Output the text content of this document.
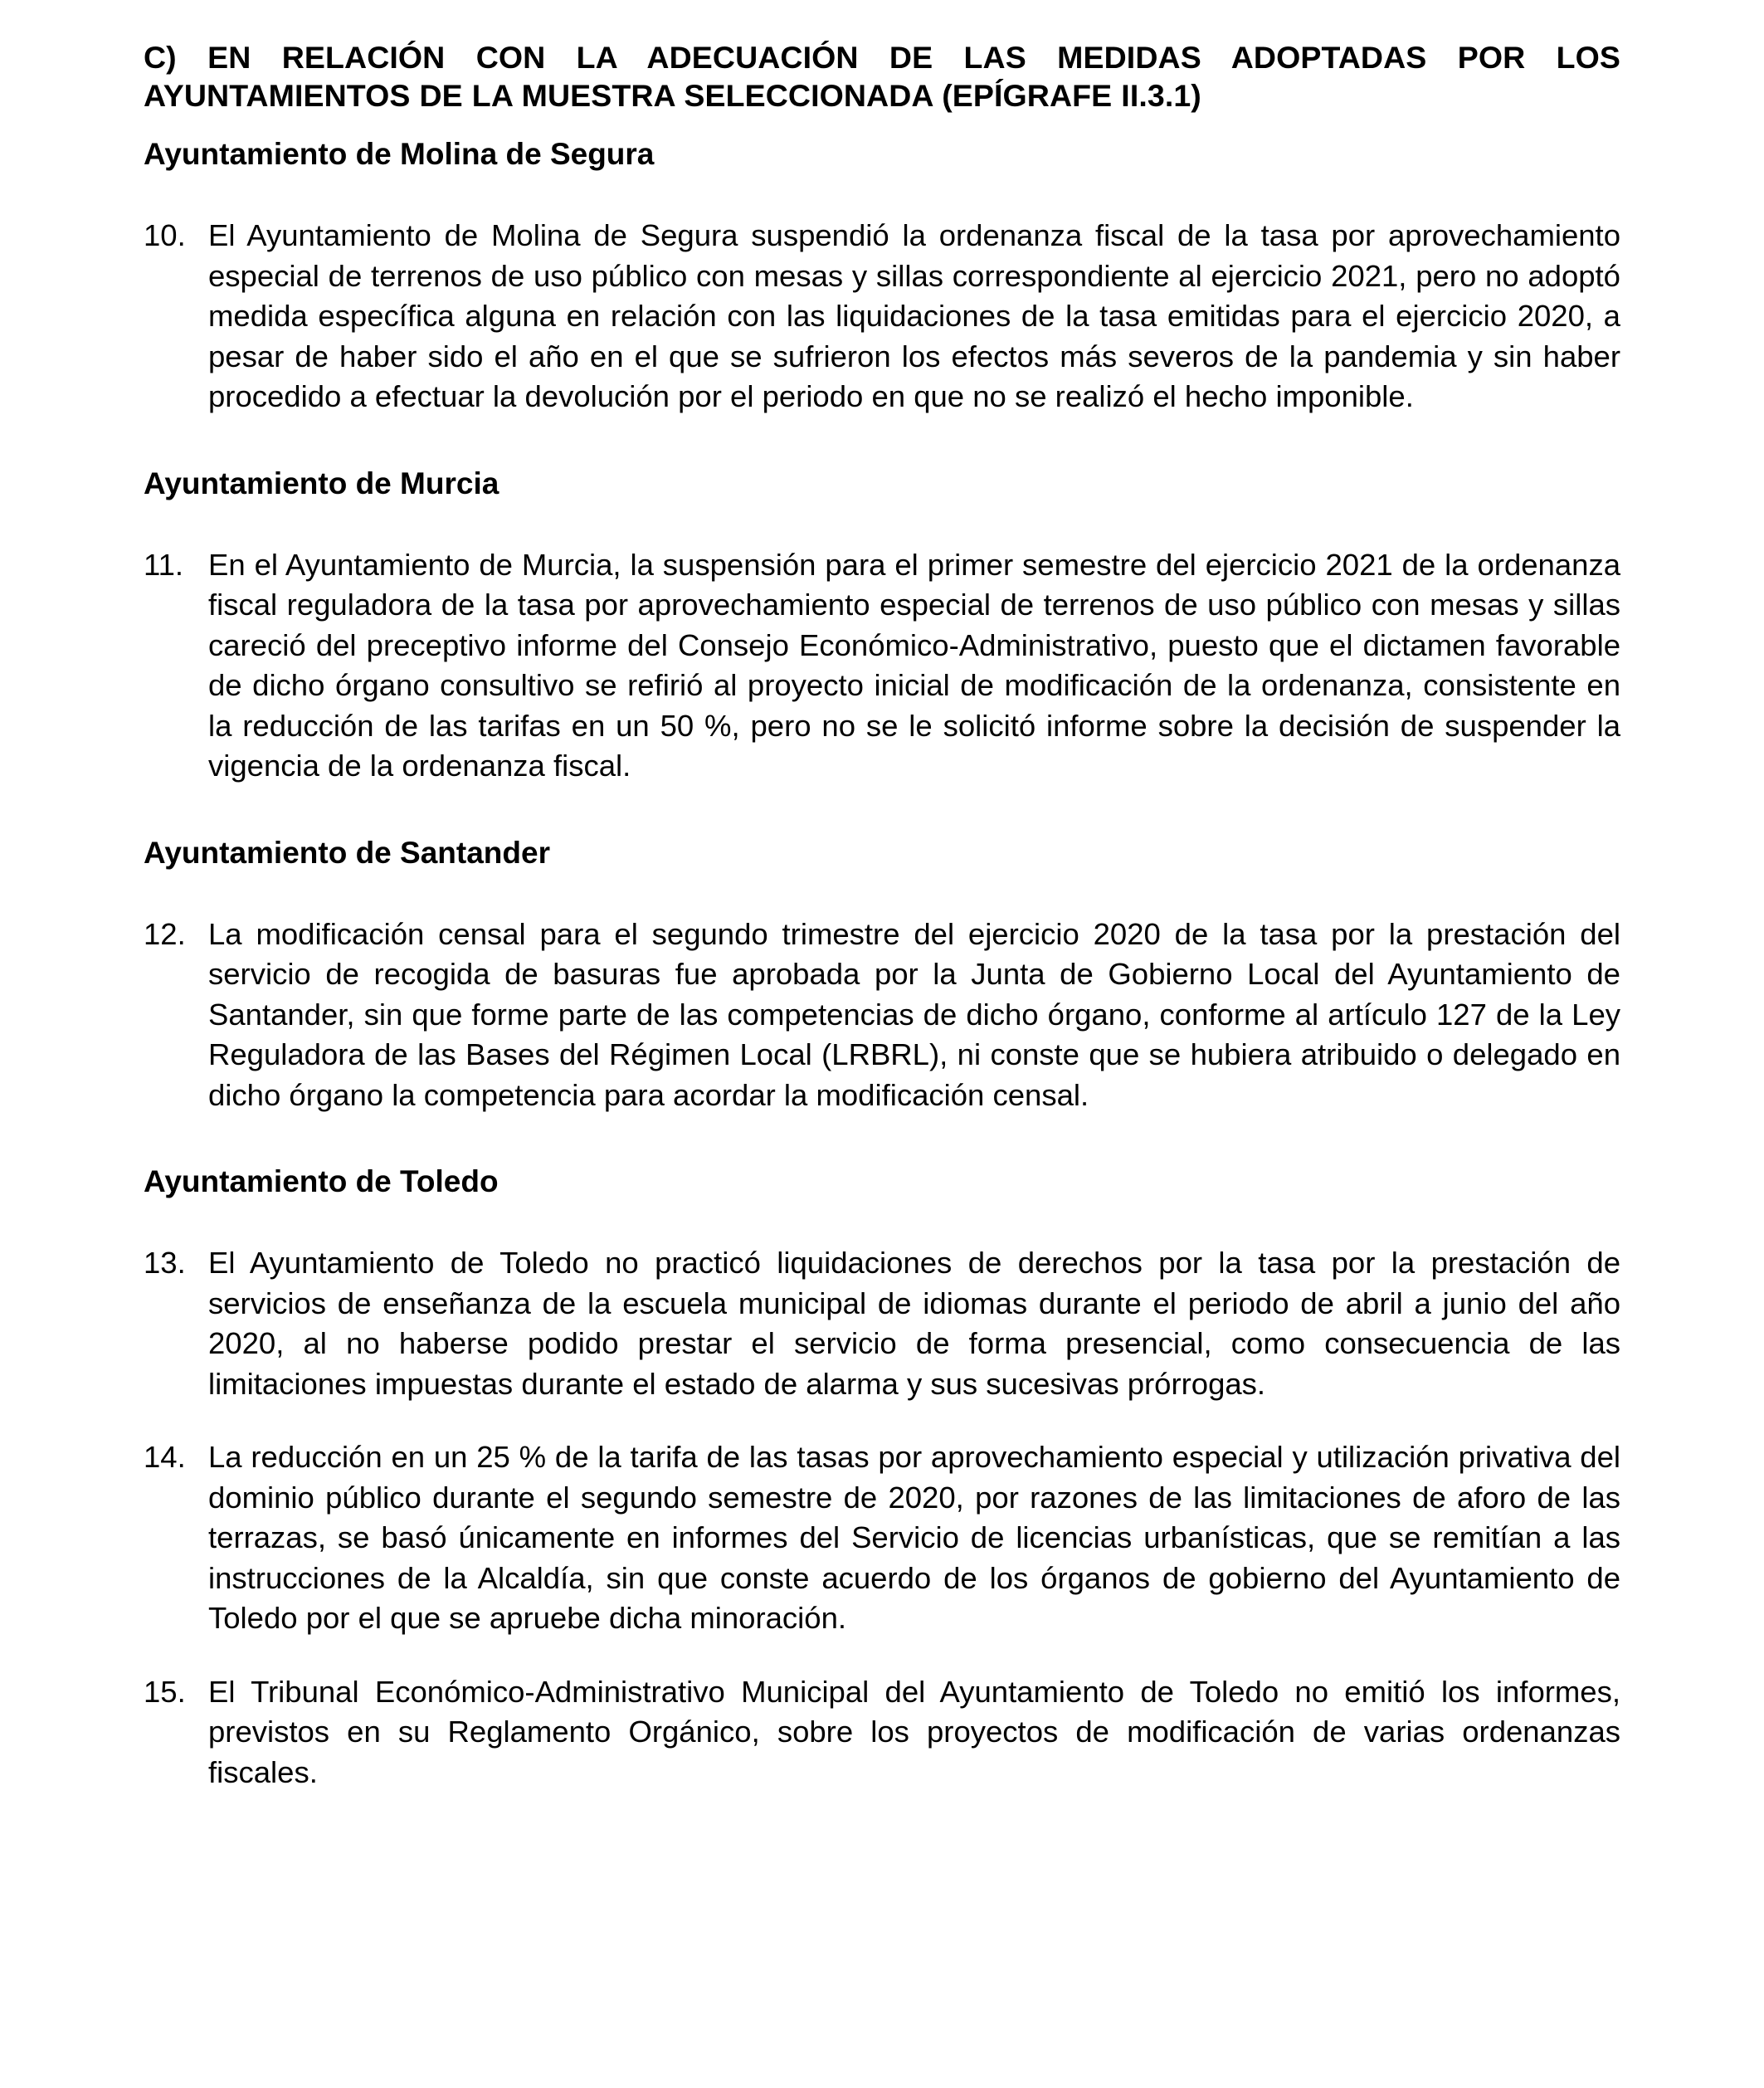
C) EN RELACIÓN CON LA ADECUACIÓN DE LAS MEDIDAS ADOPTADAS POR LOS
AYUNTAMIENTOS DE LA MUESTRA SELECCIONADA (EPÍGRAFE II.3.1)
Ayuntamiento de Molina de Segura
10. El Ayuntamiento de Molina de Segura suspendió la ordenanza fiscal de la tasa por aprovechamiento especial de terrenos de uso público con mesas y sillas correspondiente al ejercicio 2021, pero no adoptó medida específica alguna en relación con las liquidaciones de la tasa emitidas para el ejercicio 2020, a pesar de haber sido el año en el que se sufrieron los efectos más severos de la pandemia y sin haber procedido a efectuar la devolución por el periodo en que no se realizó el hecho imponible.
Ayuntamiento de Murcia
11. En el Ayuntamiento de Murcia, la suspensión para el primer semestre del ejercicio 2021 de la ordenanza fiscal reguladora de la tasa por aprovechamiento especial de terrenos de uso público con mesas y sillas careció del preceptivo informe del Consejo Económico-Administrativo, puesto que el dictamen favorable de dicho órgano consultivo se refirió al proyecto inicial de modificación de la ordenanza, consistente en la reducción de las tarifas en un 50 %, pero no se le solicitó informe sobre la decisión de suspender la vigencia de la ordenanza fiscal.
Ayuntamiento de Santander
12. La modificación censal para el segundo trimestre del ejercicio 2020 de la tasa por la prestación del servicio de recogida de basuras fue aprobada por la Junta de Gobierno Local del Ayuntamiento de Santander, sin que forme parte de las competencias de dicho órgano, conforme al artículo 127 de la Ley Reguladora de las Bases del Régimen Local (LRBRL), ni conste que se hubiera atribuido o delegado en dicho órgano la competencia para acordar la modificación censal.
Ayuntamiento de Toledo
13. El Ayuntamiento de Toledo no practicó liquidaciones de derechos por la tasa por la prestación de servicios de enseñanza de la escuela municipal de idiomas durante el periodo de abril a junio del año 2020, al no haberse podido prestar el servicio de forma presencial, como consecuencia de las limitaciones impuestas durante el estado de alarma y sus sucesivas prórrogas.
14. La reducción en un 25 % de la tarifa de las tasas por aprovechamiento especial y utilización privativa del dominio público durante el segundo semestre de 2020, por razones de las limitaciones de aforo de las terrazas, se basó únicamente en informes del Servicio de licencias urbanísticas, que se remitían a las instrucciones de la Alcaldía, sin que conste acuerdo de los órganos de gobierno del Ayuntamiento de Toledo por el que se apruebe dicha minoración.
15. El Tribunal Económico-Administrativo Municipal del Ayuntamiento de Toledo no emitió los informes, previstos en su Reglamento Orgánico, sobre los proyectos de modificación de varias ordenanzas fiscales.
